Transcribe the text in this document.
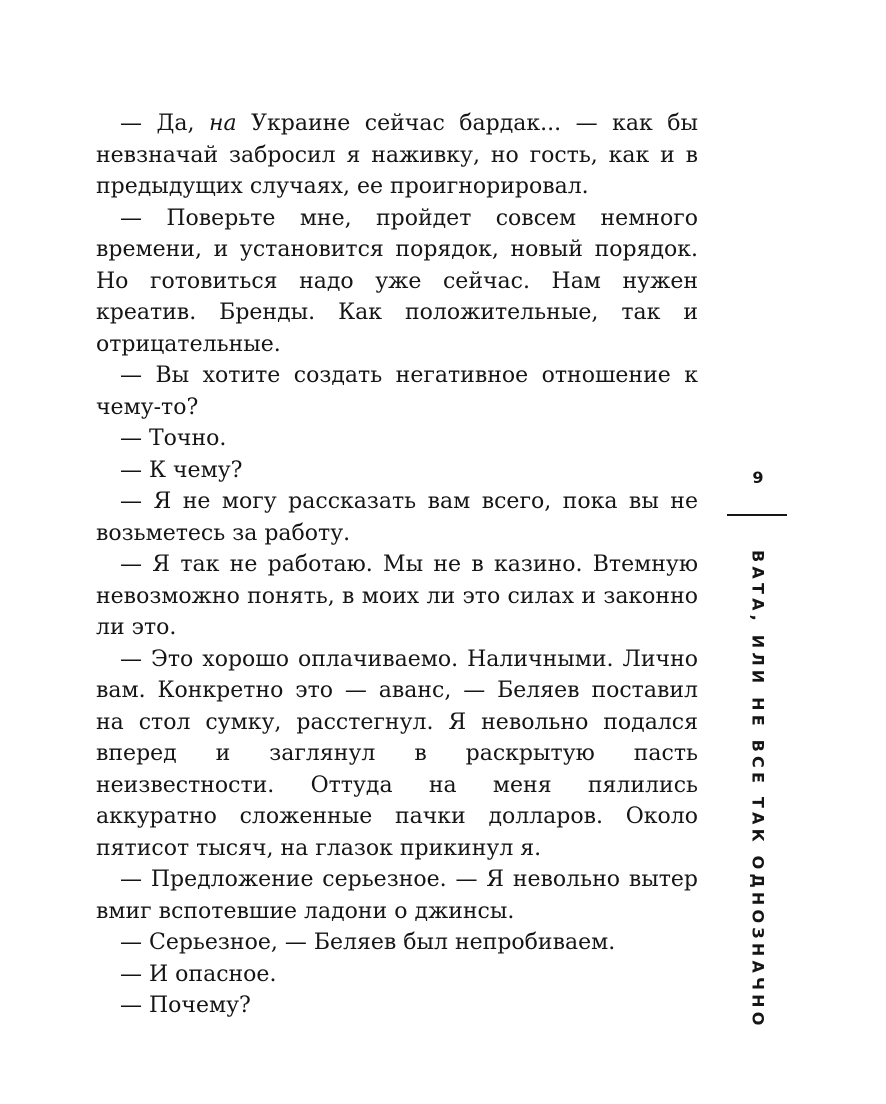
— Да, на Украине сейчас бардак... — как бы невзначай забросил я наживку, но гость, как и в предыдущих случаях, ее проигнорировал.

— Поверьте мне, пройдет совсем немного времени, и установится порядок, новый порядок. Но готовиться надо уже сейчас. Нам нужен креатив. Бренды. Как положительные, так и отрицательные.

— Вы хотите создать негативное отношение к чему-то?

— Точно.

— К чему?

— Я не могу рассказать вам всего, пока вы не возьметесь за работу.

— Я так не работаю. Мы не в казино. Втемную невозможно понять, в моих ли это силах и законно ли это.

— Это хорошо оплачиваемо. Наличными. Лично вам. Конкретно это — аванс, — Беляев поставил на стол сумку, расстегнул. Я невольно подался вперед и заглянул в раскрытую пасть неизвестности. Оттуда на меня пялились аккуратно сложенные пачки долларов. Около пятисот тысяч, на глазок прикинул я.

— Предложение серьезное. — Я невольно вытер вмиг вспотевшие ладони о джинсы.

— Серьезное, — Беляев был непробиваем.

— И опасное.

— Почему?

9
ВАТА, ИЛИ НЕ ВСЕ ТАК ОДНОЗНАЧНО
